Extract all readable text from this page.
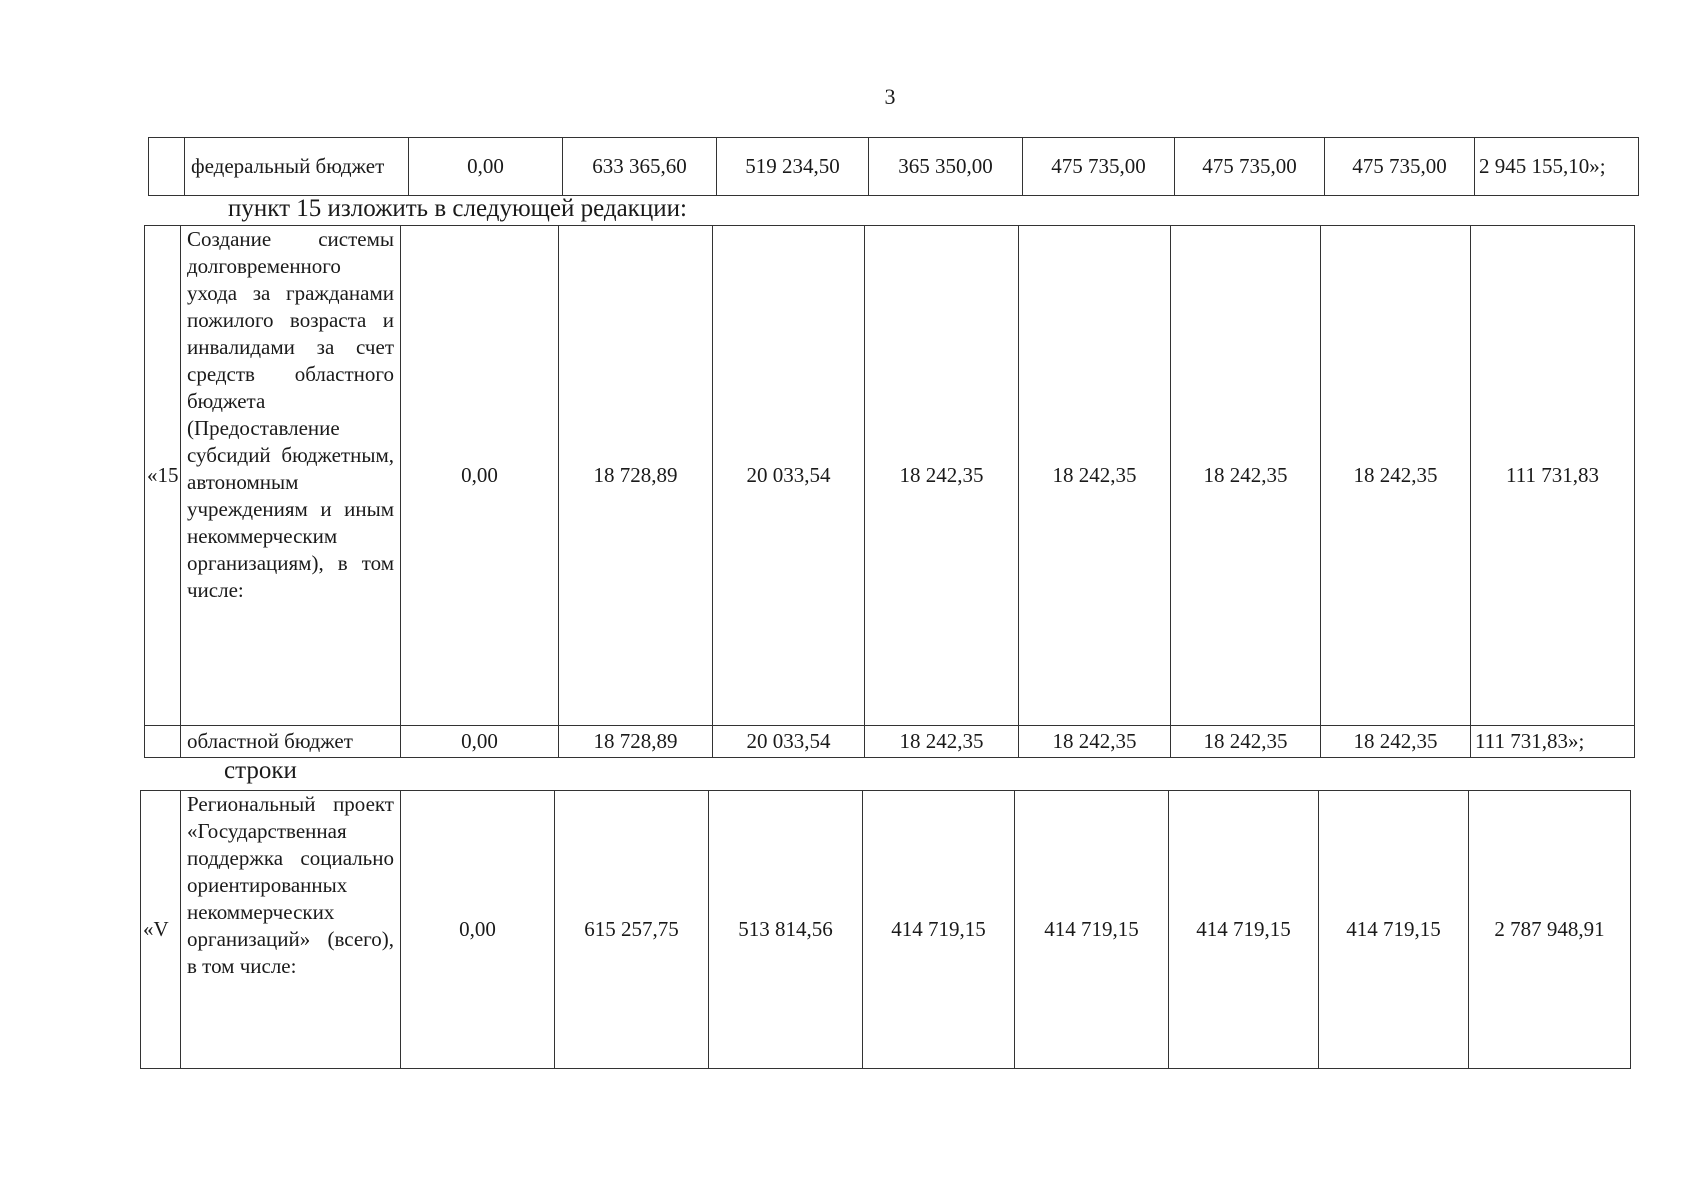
3
	федеральный бюджет	0,00	633 365,60	519 234,50	365 350,00	475 735,00	475 735,00	475 735,00	2 945 155,10»;
пункт 15 изложить в следующей редакции:
«15	Создание системы долговременного ухода за гражданами пожилого возраста и инвалидами за счет средств областного бюджета (Предоставление субсидий бюджетным, автономным учреждениям и иным некоммерческим организациям), в том числе:	0,00	18 728,89	20 033,54	18 242,35	18 242,35	18 242,35	18 242,35	111 731,83
	областной бюджет	0,00	18 728,89	20 033,54	18 242,35	18 242,35	18 242,35	18 242,35	111 731,83»;
строки
«V	Региональный проект «Государственная поддержка социально ориентированных некоммерческих организаций» (всего), в том числе:	0,00	615 257,75	513 814,56	414 719,15	414 719,15	414 719,15	414 719,15	2 787 948,91
